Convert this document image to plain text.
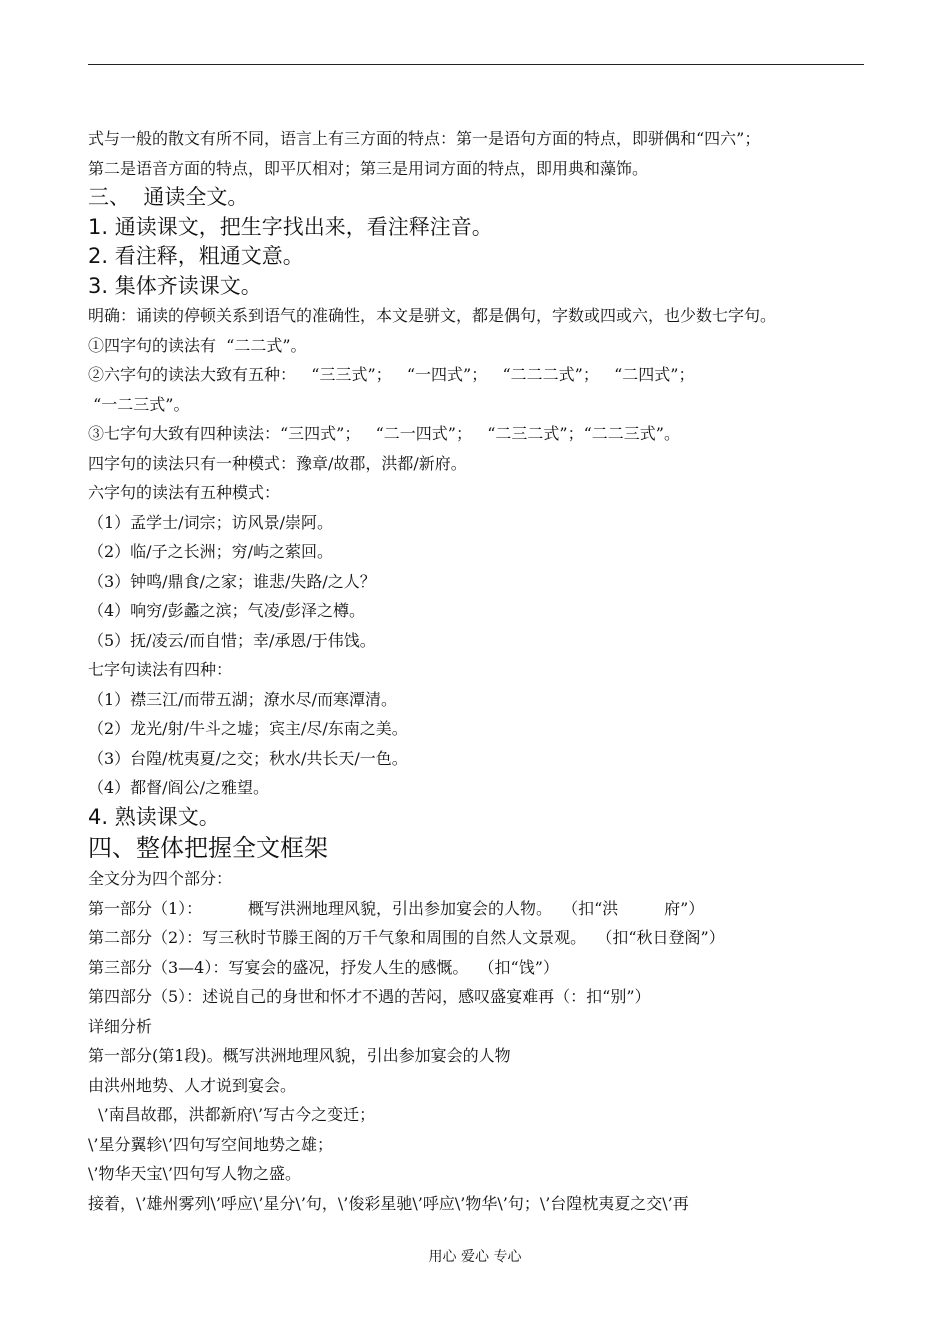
式与一般的散文有所不同，语言上有三方面的特点：第一是语句方面的特点，即骈偶和“四六”；
第二是语音方面的特点，即平仄相对；第三是用词方面的特点，即用典和藻饰。
三、  通读全文。
1. 通读课文，把生字找出来，看注释注音。
2. 看注释，粗通文意。
3. 集体齐读课文。
明确：诵读的停顿关系到语气的准确性，本文是骈文，都是偶句，字数或四或六，也少数七字句。
①四字句的读法有  “二二式”。
②六字句的读法大致有五种：   “三三式”；   “一四式”；   “二二二式”；   “二四式”；
“一二三式”。
③七字句大致有四种读法：“三四式”；   “二一四式”；   “二三二式”；“二二三式”。
四字句的读法只有一种模式：豫章/故郡，洪都/新府。
六字句的读法有五种模式：
（1）孟学士/词宗；访风景/崇阿。
（2）临/子之长洲；穷/屿之萦回。
（3）钟鸣/鼎食/之家；谁悲/失路/之人？
（4）响穷/彭蠡之滨；气凌/彭泽之樽。
（5）抚/凌云/而自惜；幸/承恩/于伟饯。
七字句读法有四种：
（1）襟三江/而带五湖；潦水尽/而寒潭清。
（2）龙光/射/牛斗之墟；宾主/尽/东南之美。
（3）台隍/枕夷夏/之交；秋水/共长天/一色。
（4）都督/阎公/之雅望。
4. 熟读课文。
四、整体把握全文框架
全文分为四个部分：
第一部分（1）：         概写洪洲地理风貌，引出参加宴会的人物。  （扣“洪         府”）
第二部分（2）：写三秋时节滕王阁的万千气象和周围的自然人文景观。  （扣“秋日登阁”）
第三部分（3—4）：写宴会的盛况，抒发人生的感慨。  （扣“饯”）
第四部分（5）：述说自己的身世和怀才不遇的苦闷，感叹盛宴难再（：扣“别”）
详细分析
第一部分(第1段)。概写洪洲地理风貌，引出参加宴会的人物
由洪州地势、人才说到宴会。
\’南昌故郡，洪都新府\’写古今之变迁；
\’星分翼轸\’四句写空间地势之雄；
\’物华天宝\’四句写人物之盛。
接着，\’雄州雾列\’呼应\’星分\’句，\’俊彩星驰\’呼应\’物华\’句；\’台隍枕夷夏之交\’再
用心 爱心 专心
